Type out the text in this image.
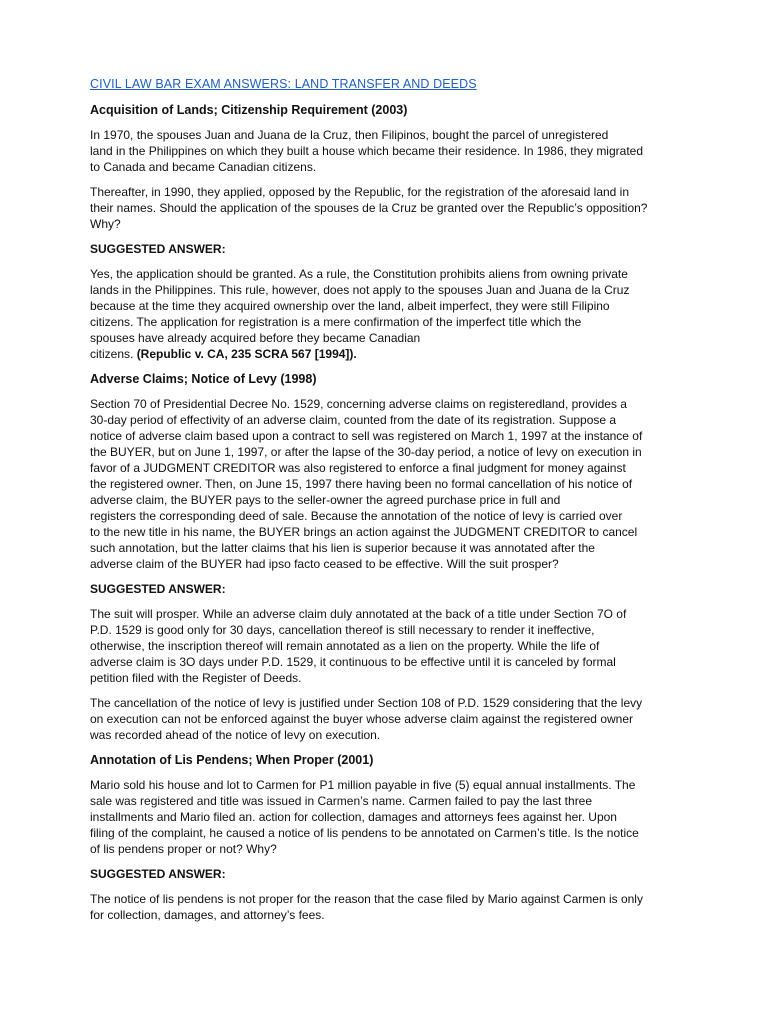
CIVIL LAW BAR EXAM ANSWERS: LAND TRANSFER AND DEEDS
Acquisition of Lands; Citizenship Requirement (2003)
In 1970, the spouses Juan and Juana de la Cruz, then Filipinos, bought the parcel of unregistered
land in the Philippines on which they built a house which became their residence. In 1986, they migrated
to Canada and became Canadian citizens.
Thereafter, in 1990, they applied, opposed by the Republic, for the registration of the aforesaid land in
their names. Should the application of the spouses de la Cruz be granted over the Republic’s opposition?
Why?
SUGGESTED ANSWER:
Yes, the application should be granted. As a rule, the Constitution prohibits aliens from owning private
lands in the Philippines. This rule, however, does not apply to the spouses Juan and Juana de la Cruz
because at the time they acquired ownership over the land, albeit imperfect, they were still Filipino
citizens. The application for registration is a mere confirmation of the imperfect title which the
spouses have already acquired before they became Canadian
citizens. (Republic v. CA, 235 SCRA 567 [1994]).
Adverse Claims; Notice of Levy (1998)
Section 70 of Presidential Decree No. 1529, concerning adverse claims on registeredland, provides a
30-day period of effectivity of an adverse claim, counted from the date of its registration. Suppose a
notice of adverse claim based upon a contract to sell was registered on March 1, 1997 at the instance of
the BUYER, but on June 1, 1997, or after the lapse of the 30-day period, a notice of levy on execution in
favor of a JUDGMENT CREDITOR was also registered to enforce a final judgment for money against
the registered owner. Then, on June 15, 1997 there having been no formal cancellation of his notice of
adverse claim, the BUYER pays to the seller-owner the agreed purchase price in full and
registers the corresponding deed of sale. Because the annotation of the notice of levy is carried over
to the new title in his name, the BUYER brings an action against the JUDGMENT CREDITOR to cancel
such annotation, but the latter claims that his lien is superior because it was annotated after the
adverse claim of the BUYER had ipso facto ceased to be effective. Will the suit prosper?
SUGGESTED ANSWER:
The suit will prosper. While an adverse claim duly annotated at the back of a title under Section 7O of
P.D. 1529 is good only for 30 days, cancellation thereof is still necessary to render it ineffective,
otherwise, the inscription thereof will remain annotated as a lien on the property. While the life of
adverse claim is 3O days under P.D. 1529, it continuous to be effective until it is canceled by formal
petition filed with the Register of Deeds.
The cancellation of the notice of levy is justified under Section 108 of P.D. 1529 considering that the levy
on execution can not be enforced against the buyer whose adverse claim against the registered owner
was recorded ahead of the notice of levy on execution.
Annotation of Lis Pendens; When Proper (2001)
Mario sold his house and lot to Carmen for P1 million payable in five (5) equal annual installments. The
sale was registered and title was issued in Carmen’s name. Carmen failed to pay the last three
installments and Mario filed an. action for collection, damages and attorneys fees against her. Upon
filing of the complaint, he caused a notice of lis pendens to be annotated on Carmen’s title. Is the notice
of lis pendens proper or not? Why?
SUGGESTED ANSWER:
The notice of lis pendens is not proper for the reason that the case filed by Mario against Carmen is only
for collection, damages, and attorney’s fees.
